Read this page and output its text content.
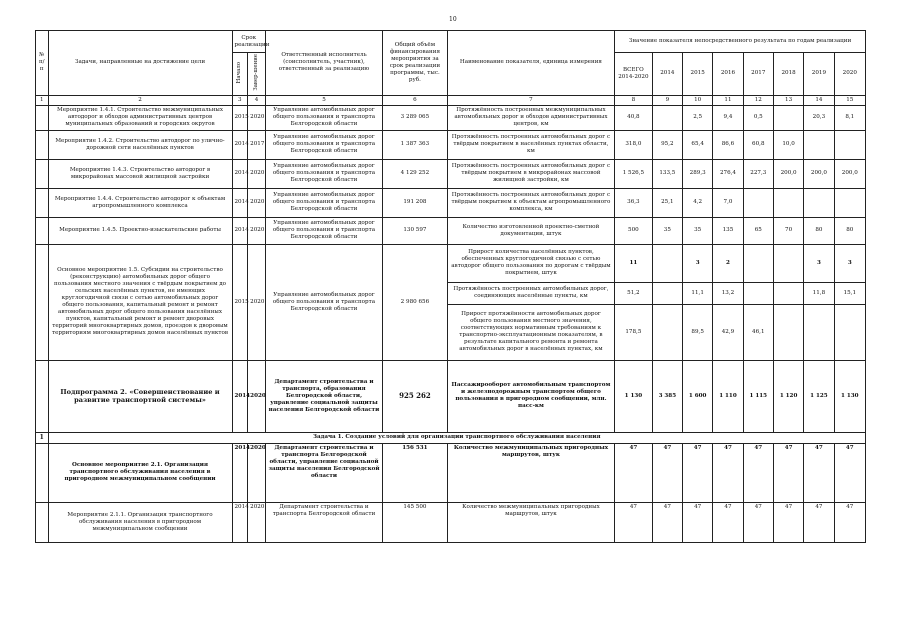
10
№ п/п	Задачи, направленные на достижение цели	Срок реализации		Ответственный исполнитель (соисполнитель, участник), ответственный за реализацию	Общий объём финансирования мероприятия за срок реализации программы, тыс. руб.	Наименование показателя, единица измерения	Значение показателя непосредственного результата по годам реализации							
		Начало	Завер-шение				ВСЕГО 2014-2020	2014	2015	2016	2017	2018	2019	2020
1	2	3	4	5	6	7	8	9	10	11	12	13	14	15
	Мероприятие 1.4.1. Строительство межмуниципальных автодорог и обходов административных центров муниципальных образований и городских округов	2015	2020	Управление автомобильных дорог общего пользования и транспорта Белгородской области	3 289 065	Протяжённость построенных межмуниципальных автомобильных дорог и обходов административных центров, км	40,8		2,5	9,4	0,5		20,3	8,1
	Мероприятие 1.4.2. Строительство автодорог по улично-дорожной сети населённых пунктов	2014	2017	Управление автомобильных дорог общего пользования и транспорта Белгородской области	1 387 363	Протяжённость построенных автомобильных дорог с твёрдым покрытием в населённых пунктах области, км	318,0	95,2	65,4	86,6	60,8	10,0		
	Мероприятие 1.4.3. Строительство автодорог в микрорайонах массовой жилищной застройки	2014	2020	Управление автомобильных дорог общего пользования и транспорта Белгородской области	4 129 252	Протяжённость построенных автомобильных дорог с твёрдым покрытием в микрорайонах массовой жилищной застройки, км	1 526,5	133,5	289,3	276,4	227,3	200,0	200,0	200,0
	Мероприятие 1.4.4. Строительство автодорог к объектам агропромышленного комплекса	2014	2020	Управление автомобильных дорог общего пользования и транспорта Белгородской области	191 208	Протяжённость построенных автомобильных дорог с твёрдым покрытием к объектам агропромышленного комплекса, км	36,3	25,1	4,2	7,0				
	Мероприятие 1.4.5. Проектно-изыскательские работы	2014	2020	Управление автомобильных дорог общего пользования и транспорта Белгородской области	130 597	Количество изготовленной проектно-сметной документации, штук	500	35	35	135	65	70	80	80
	Основное мероприятие 1.5. Субсидии на строительство (реконструкцию) автомобильных дорог общего пользования местного значения с твёрдым покрытием до сельских населённых пунктов, не имеющих круглогодичной связи с сетью автомобильных дорог общего пользования, капитальный ремонт и ремонт автомобильных дорог общего пользования населённых пунктов, капитальный ремонт и ремонт дворовых территорий многоквартирных домов, проездов к дворовым территориям многоквартирных домов населённых пунктов	2015	2020	Управление автомобильных дорог общего пользования и транспорта Белгородской области	2 980 656	Прирост количества населённых пунктов, обеспеченных круглогодичной связью с сетью автодорог общего пользования по дорогам с твёрдым покрытием, штук	11		3	2			3	3
						Протяжённость построенных автомобильных дорог, соединяющих населённые пункты, км	51,2		11,1	13,2			11,8	15,1
						Прирост протяжённости автомобильных дорог общего пользования местного значения, соответствующих нормативным требованиям к транспортно-эксплуатационным показателям, в результате капитального ремонта и ремонта автомобильных дорог в населённых пунктах, км	178,5		89,5	42,9	46,1			
	Подпрограмма 2. «Совершенствование и развитие транспортной системы»	2014	2020	Департамент строительства и транспорта, образования Белгородской области, управление социальной защиты населения Белгородской области	925 262	Пассажирооборот автомобильным транспортом и железнодорожным транспортом общего пользования в пригородном сообщении, млн. пасс-км	1 130	3 385	1 600	1 110	1 115	1 120	1 125	1 130
1	Задача 1. Создание условий для организации транспортного обслуживания населения													
	Основное мероприятие 2.1. Организация транспортного обслуживания населения в пригородном межмуниципальном сообщении	2014	2020	Департамент строительства и транспорта Белгородской области, управление социальной защиты населения Белгородской области	156 531	Количество межмуниципальных пригородных маршрутов, штук	47	47	47	47	47	47	47	47
	Мероприятие 2.1.1. Организация транспортного обслуживания населения в пригородном межмуниципальном сообщении	2014	2020	Департамент строительства и транспорта Белгородской области	145 500	Количество межмуниципальных пригородных маршрутов, штук	47	47	47	47	47	47	47	47
